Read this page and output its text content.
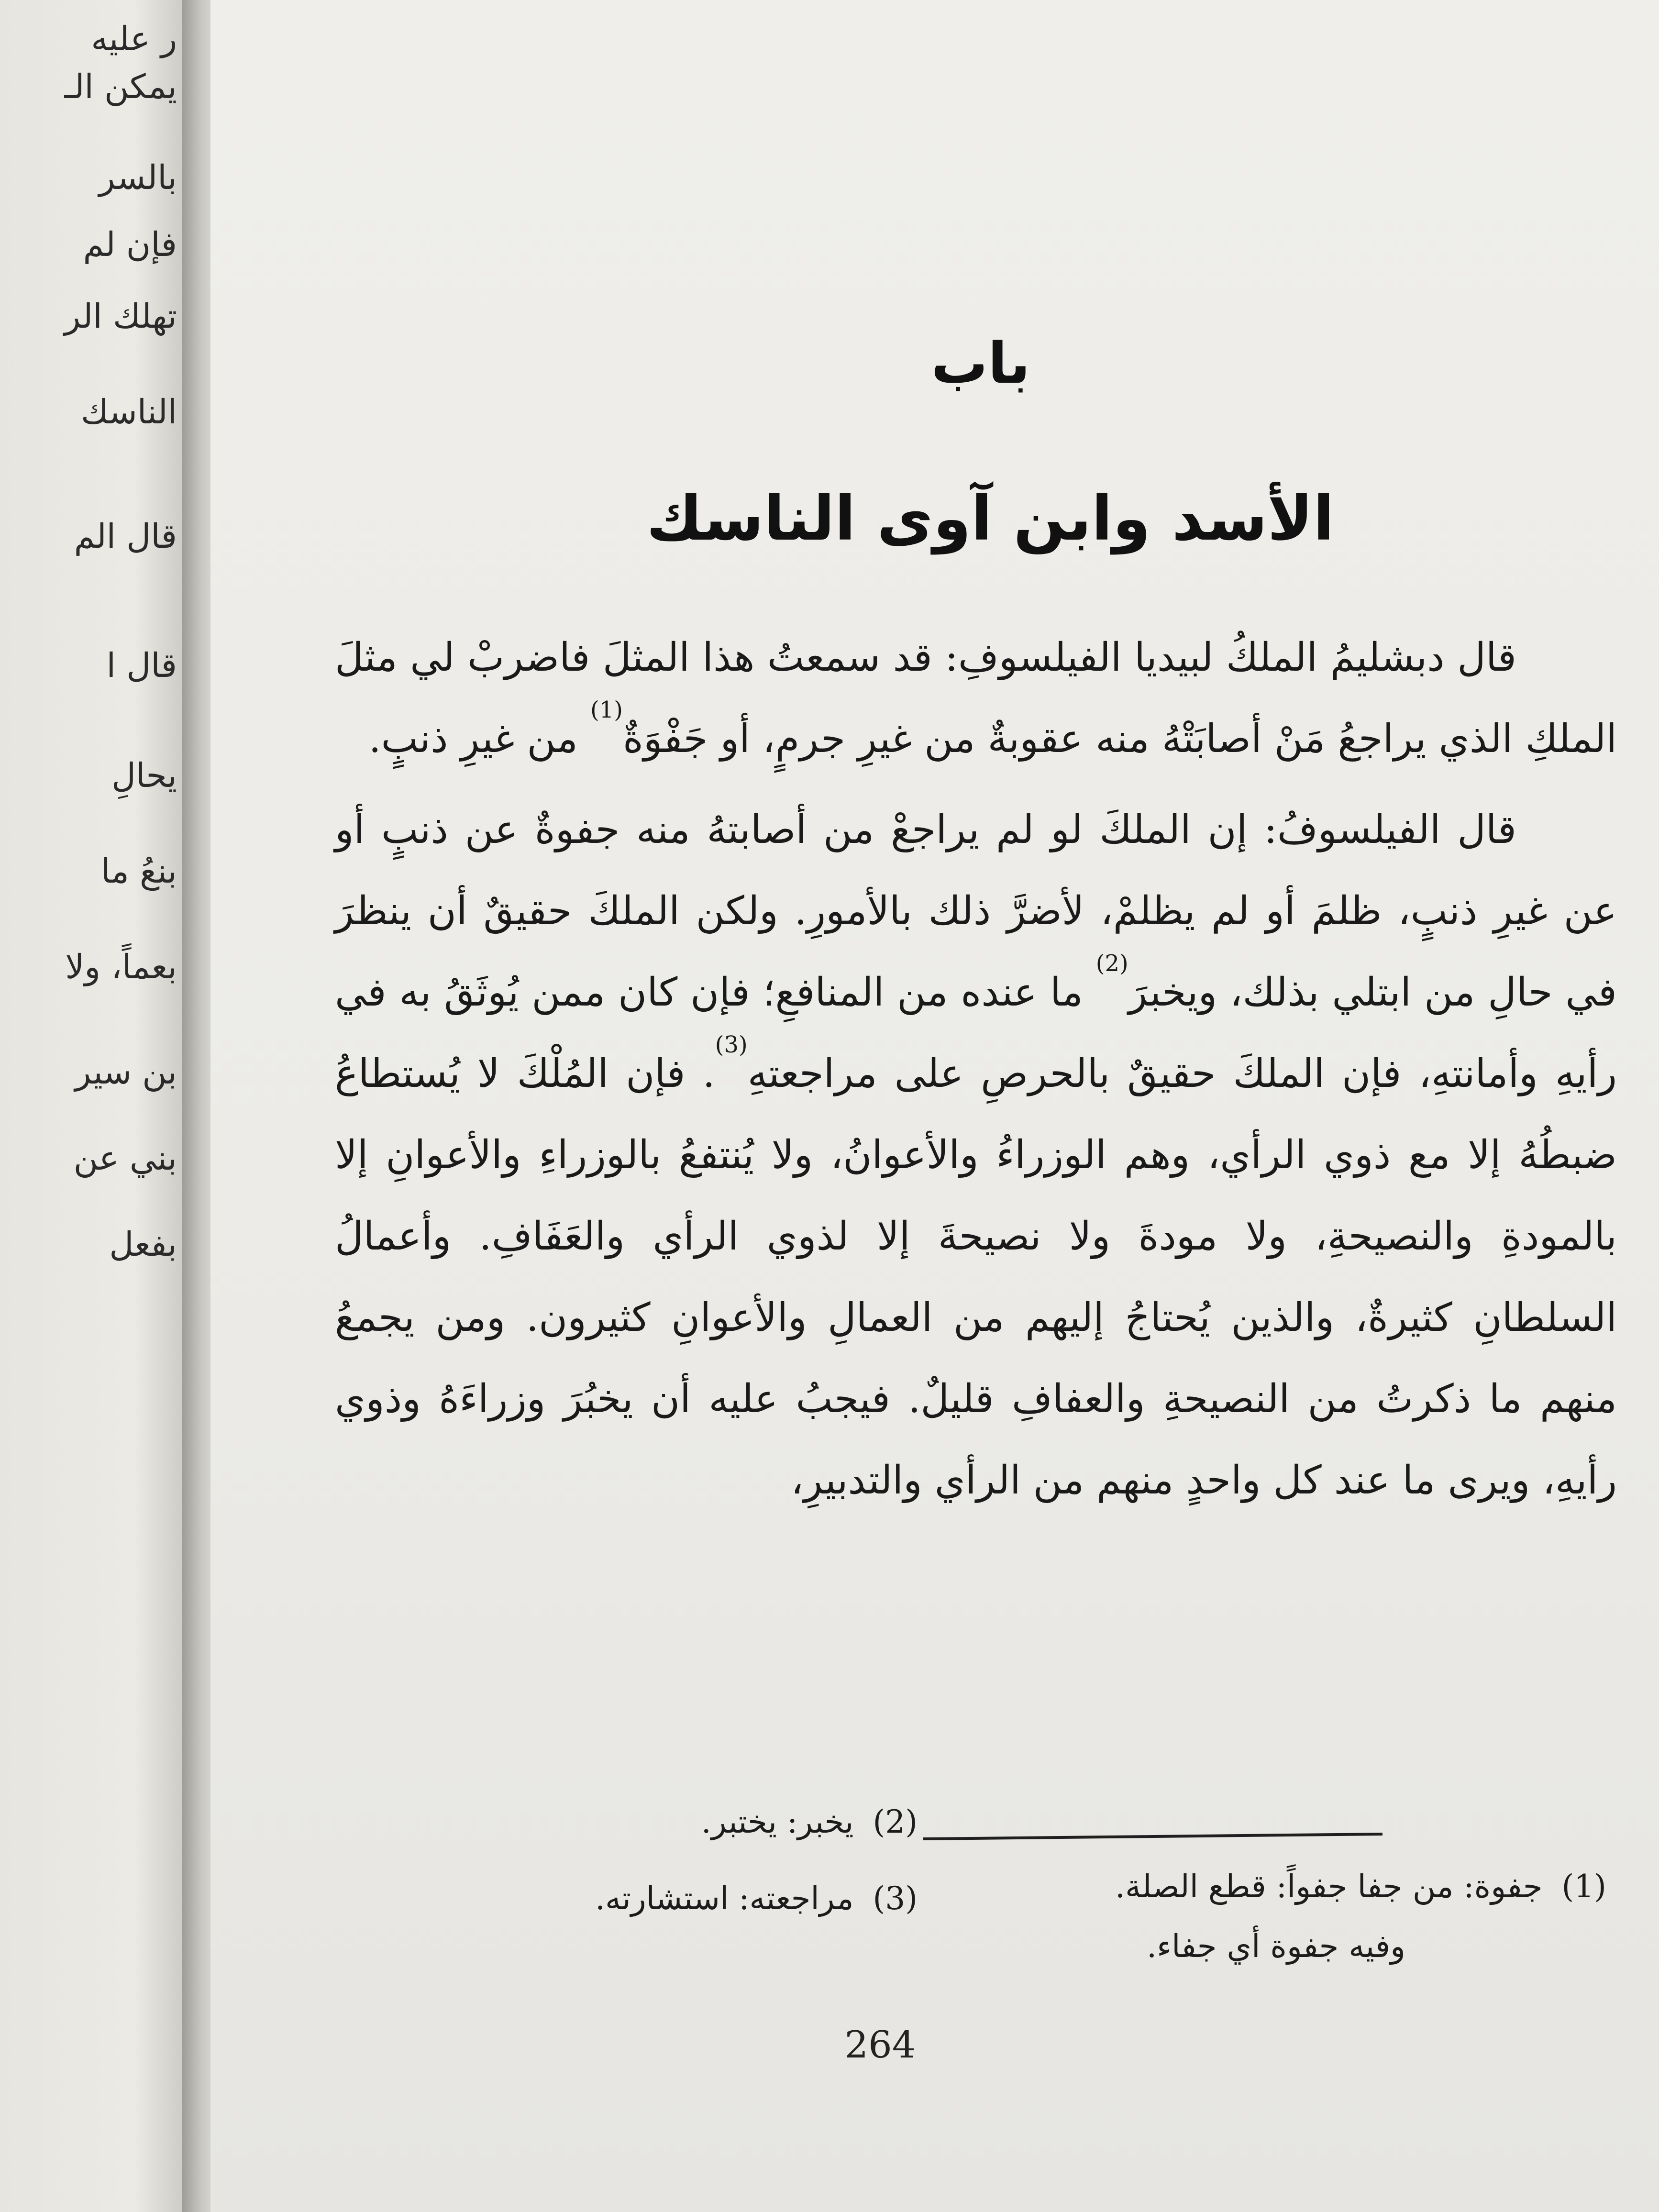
ر علیه
يمكن الـ
بالسر
فإن لم
تهلك الر
الناسك
قال الم
قال ا
يحالِ
بنعُ ما
بعماً، ولا
بن سير
بني عن
بفعل
باب
الأسد وابن آوى الناسك

قال دبشليمُ الملكُ لبيديا الفيلسوفِ: قد سمعتُ هذا المثلَ فاضربْ لي مثلَ الملكِ الذي يراجعُ مَنْ أصابَتْهُ منه عقوبةٌ من غيرِ جرمٍ، أو جَفْوَةٌ$^{(1)}$ من غيرِ ذنبٍ.

قال الفيلسوفُ: إن الملكَ لو لم يراجعْ من أصابتهُ منه جفوةٌ عن ذنبٍ أو عن غيرِ ذنبٍ، ظلمَ أو لم يظلمْ، لأضرَّ ذلك بالأمورِ. ولكن الملكَ حقيقٌ أن ينظرَ في حالِ من ابتلي بذلك، ويخبرَ$^{(2)}$ ما عنده من المنافعِ؛ فإن كان ممن يُوثَقُ به في رأيهِ وأمانتهِ، فإن الملكَ حقيقٌ بالحرصِ على مراجعتهِ$^{(3)}$. فإن المُلْكَ لا يُستطاعُ ضبطُهُ إلا مع ذوي الرأي، وهم الوزراءُ والأعوانُ، ولا يُنتفعُ بالوزراءِ والأعوانِ إلا بالمودةِ والنصيحةِ، ولا مودةَ ولا نصيحةَ إلا لذوي الرأي والعَفَافِ. وأعمالُ السلطانِ كثيرةٌ، والذين يُحتاجُ إليهم من العمالِ والأعوانِ كثيرون. ومن يجمعُ منهم ما ذكرتُ من النصيحةِ والعفافِ قليلٌ. فيجبُ عليه أن يخبُرَ وزراءَهُ وذوي رأيهِ، ويرى ما عند كل واحدٍ منهم من الرأي والتدبيرِ،

(1)جفوة: من جفا جفواً: قطع الصلة.
وفيه جفوة أي جفاء.
(2)يخبر: يختبر.
(3)مراجعته: استشارته.
264
